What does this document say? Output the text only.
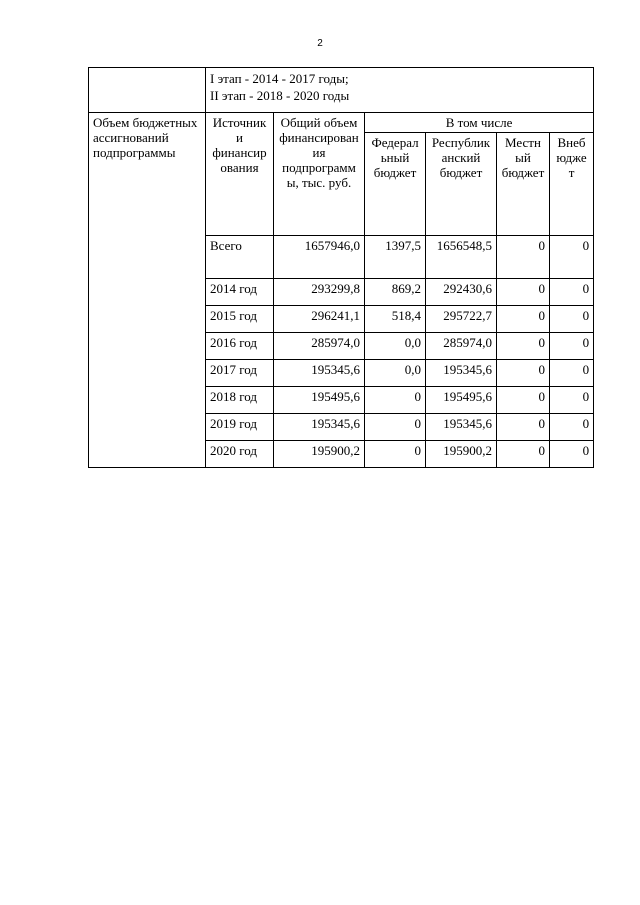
2

	I этап - 2014 - 2017 годы;
II этап - 2018 - 2020 годы					

Объем бюджетных ассигнований подпрограммы	Источники финансирования	Общий объем финансирования подпрограммы, тыс. руб.	В том числе			
			Федеральный бюджет	Республиканский бюджет	Местный бюджет	Внебюджет
	Всего	1657946,0	1397,5	1656548,5	0	0
	2014 год	293299,8	869,2	292430,6	0	0
	2015 год	296241,1	518,4	295722,7	0	0
	2016 год	285974,0	0,0	285974,0	0	0
	2017 год	195345,6	0,0	195345,6	0	0
	2018 год	195495,6	0	195495,6	0	0
	2019 год	195345,6	0	195345,6	0	0
	2020 год	195900,2	0	195900,2	0	0
